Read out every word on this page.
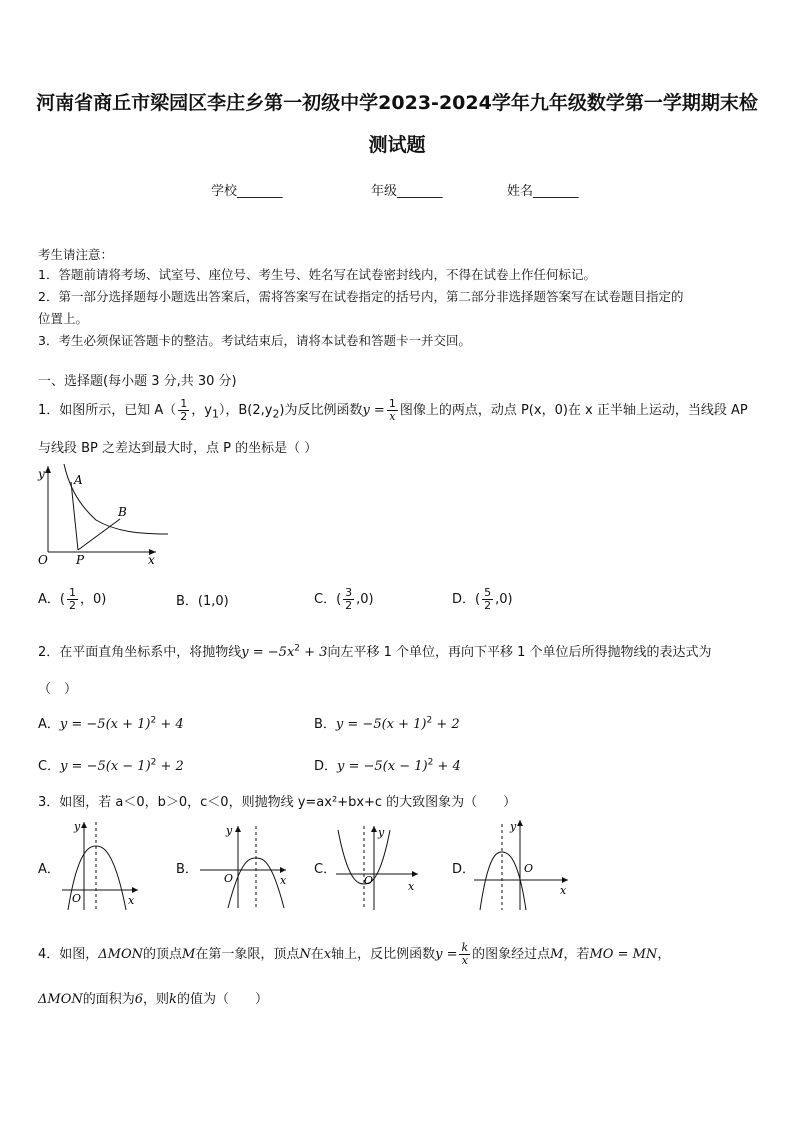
河南省商丘市梁园区李庄乡第一初级中学2023-2024学年九年级数学第一学期期末检
测试题
学校_______	年级_______	姓名_______
考生请注意：
1．答题前请将考场、试室号、座位号、考生号、姓名写在试卷密封线内，不得在试卷上作任何标记。
2．第一部分选择题每小题选出答案后，需将答案写在试卷指定的括号内，第二部分非选择题答案写在试卷题目指定的
位置上。
3．考生必须保证答题卡的整洁。考试结束后，请将本试卷和答题卡一并交回。
一、选择题(每小题 3 分,共 30 分)
1．如图所示，已知 $A( \frac{1}{2}$ ，$y_1$），$B(2,y_2)$为反比例函数$y = \frac{1}{x}$ 图像上的两点，动点 P(x，0)在 x 正半轴上运动，当线段 AP
与线段 BP 之差达到最大时，点 P 的坐标是（ ）
y
x
O
A
B
P
A．( $\frac{1}{2}$ ，0)	B．(1,0)	C．( $\frac{3}{2} ,0$)	D．( $\frac{5}{2} ,0$)
2．在平面直角坐标系中，将抛物线$y = -5x^2 + 3$向左平移 1 个单位，再向下平移 1 个单位后所得抛物线的表达式为
（　）
A．$y = -5(x + 1)^2 + 4$	B．$y = -5(x + 1)^2 + 2$
C．$y = -5(x - 1)^2 + 2$	D．$y = -5(x - 1)^2 + 4$
3．如图，若 a＜0，b＞0，c＜0，则抛物线 y=ax²+bx+c 的大致图象为（　　）
A．
y
x
O
B．
y
x
O
C．
y
x
O
D．
y
x
O
4．如图，ΔMON的顶点M在第一象限，顶点N在x轴上，反比例函数$y = \frac{k}{x}$ 的图象经过点M，若MO = MN，
ΔMON的面积为6，则k的值为（　　）
